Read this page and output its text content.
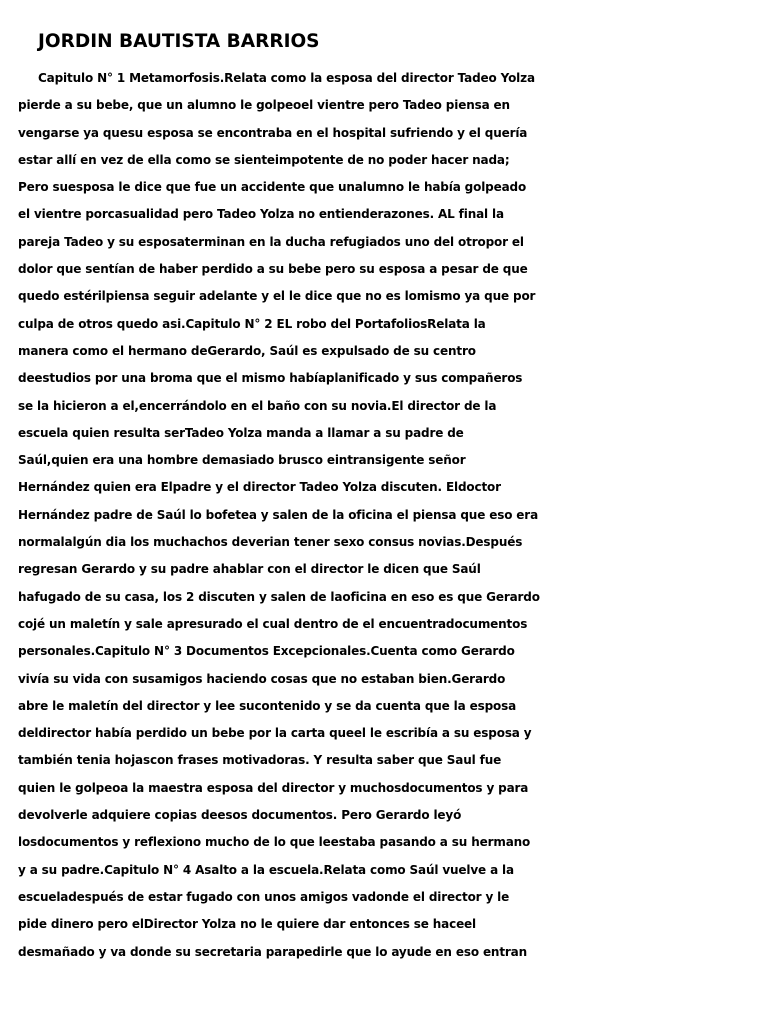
JORDIN BAUTISTA BARRIOS
Capitulo N° 1 Metamorfosis.Relata como la esposa del director Tadeo Yolza
pierde a su bebe, que un alumno le golpeoel vientre pero Tadeo piensa en
vengarse ya quesu esposa se encontraba en el hospital sufriendo y el quería
estar allí en vez de ella como se sienteimpotente de no poder hacer nada;
Pero suesposa le dice que fue un accidente que unalumno le había golpeado
el vientre porcasualidad pero Tadeo Yolza no entienderazones. AL final la
pareja Tadeo y su esposaterminan en la ducha refugiados uno del otropor el
dolor que sentían de haber perdido a su bebe pero su esposa a pesar de que
quedo estérilpiensa seguir adelante y el le dice que no es lomismo ya que por
culpa de otros quedo asi.Capitulo N° 2 EL robo del PortafoliosRelata la
manera como el hermano deGerardo, Saúl es expulsado de su centro
deestudios por una broma que el mismo habíaplanificado y sus compañeros
se la hicieron a el,encerrándolo en el baño con su novia.El director de la
escuela quien resulta serTadeo Yolza manda a llamar a su padre de
Saúl,quien era una hombre demasiado brusco eintransigente señor
Hernández quien era Elpadre y el director Tadeo Yolza discuten. Eldoctor
Hernández padre de Saúl lo bofetea y salen de la oficina el piensa que eso era
normalalgún dia los muchachos deverian tener sexo consus novias.Después
regresan Gerardo y su padre ahablar con el director le dicen que Saúl
hafugado de su casa, los 2 discuten y salen de laoficina en eso es que Gerardo
cojé un maletín y sale apresurado el cual dentro de el encuentradocumentos
personales.Capitulo N° 3 Documentos Excepcionales.Cuenta como Gerardo
vivía su vida con susamigos haciendo cosas que no estaban bien.Gerardo
abre le maletín del director y lee sucontenido y se da cuenta que la esposa
deldirector había perdido un bebe por la carta queel le escribía a su esposa y
también tenia hojascon frases motivadoras. Y resulta saber que Saul fue
quien le golpeoa la maestra esposa del director y muchosdocumentos y para
devolverle adquiere copias deesos documentos. Pero Gerardo leyó
losdocumentos y reflexiono mucho de lo que leestaba pasando a su hermano
y a su padre.Capitulo N° 4 Asalto a la escuela.Relata como Saúl vuelve a la
escueladespués de estar fugado con unos amigos vadonde el director y le
pide dinero pero elDirector Yolza no le quiere dar entonces se haceel
desmañado y va donde su secretaria parapedirle que lo ayude en eso entran
